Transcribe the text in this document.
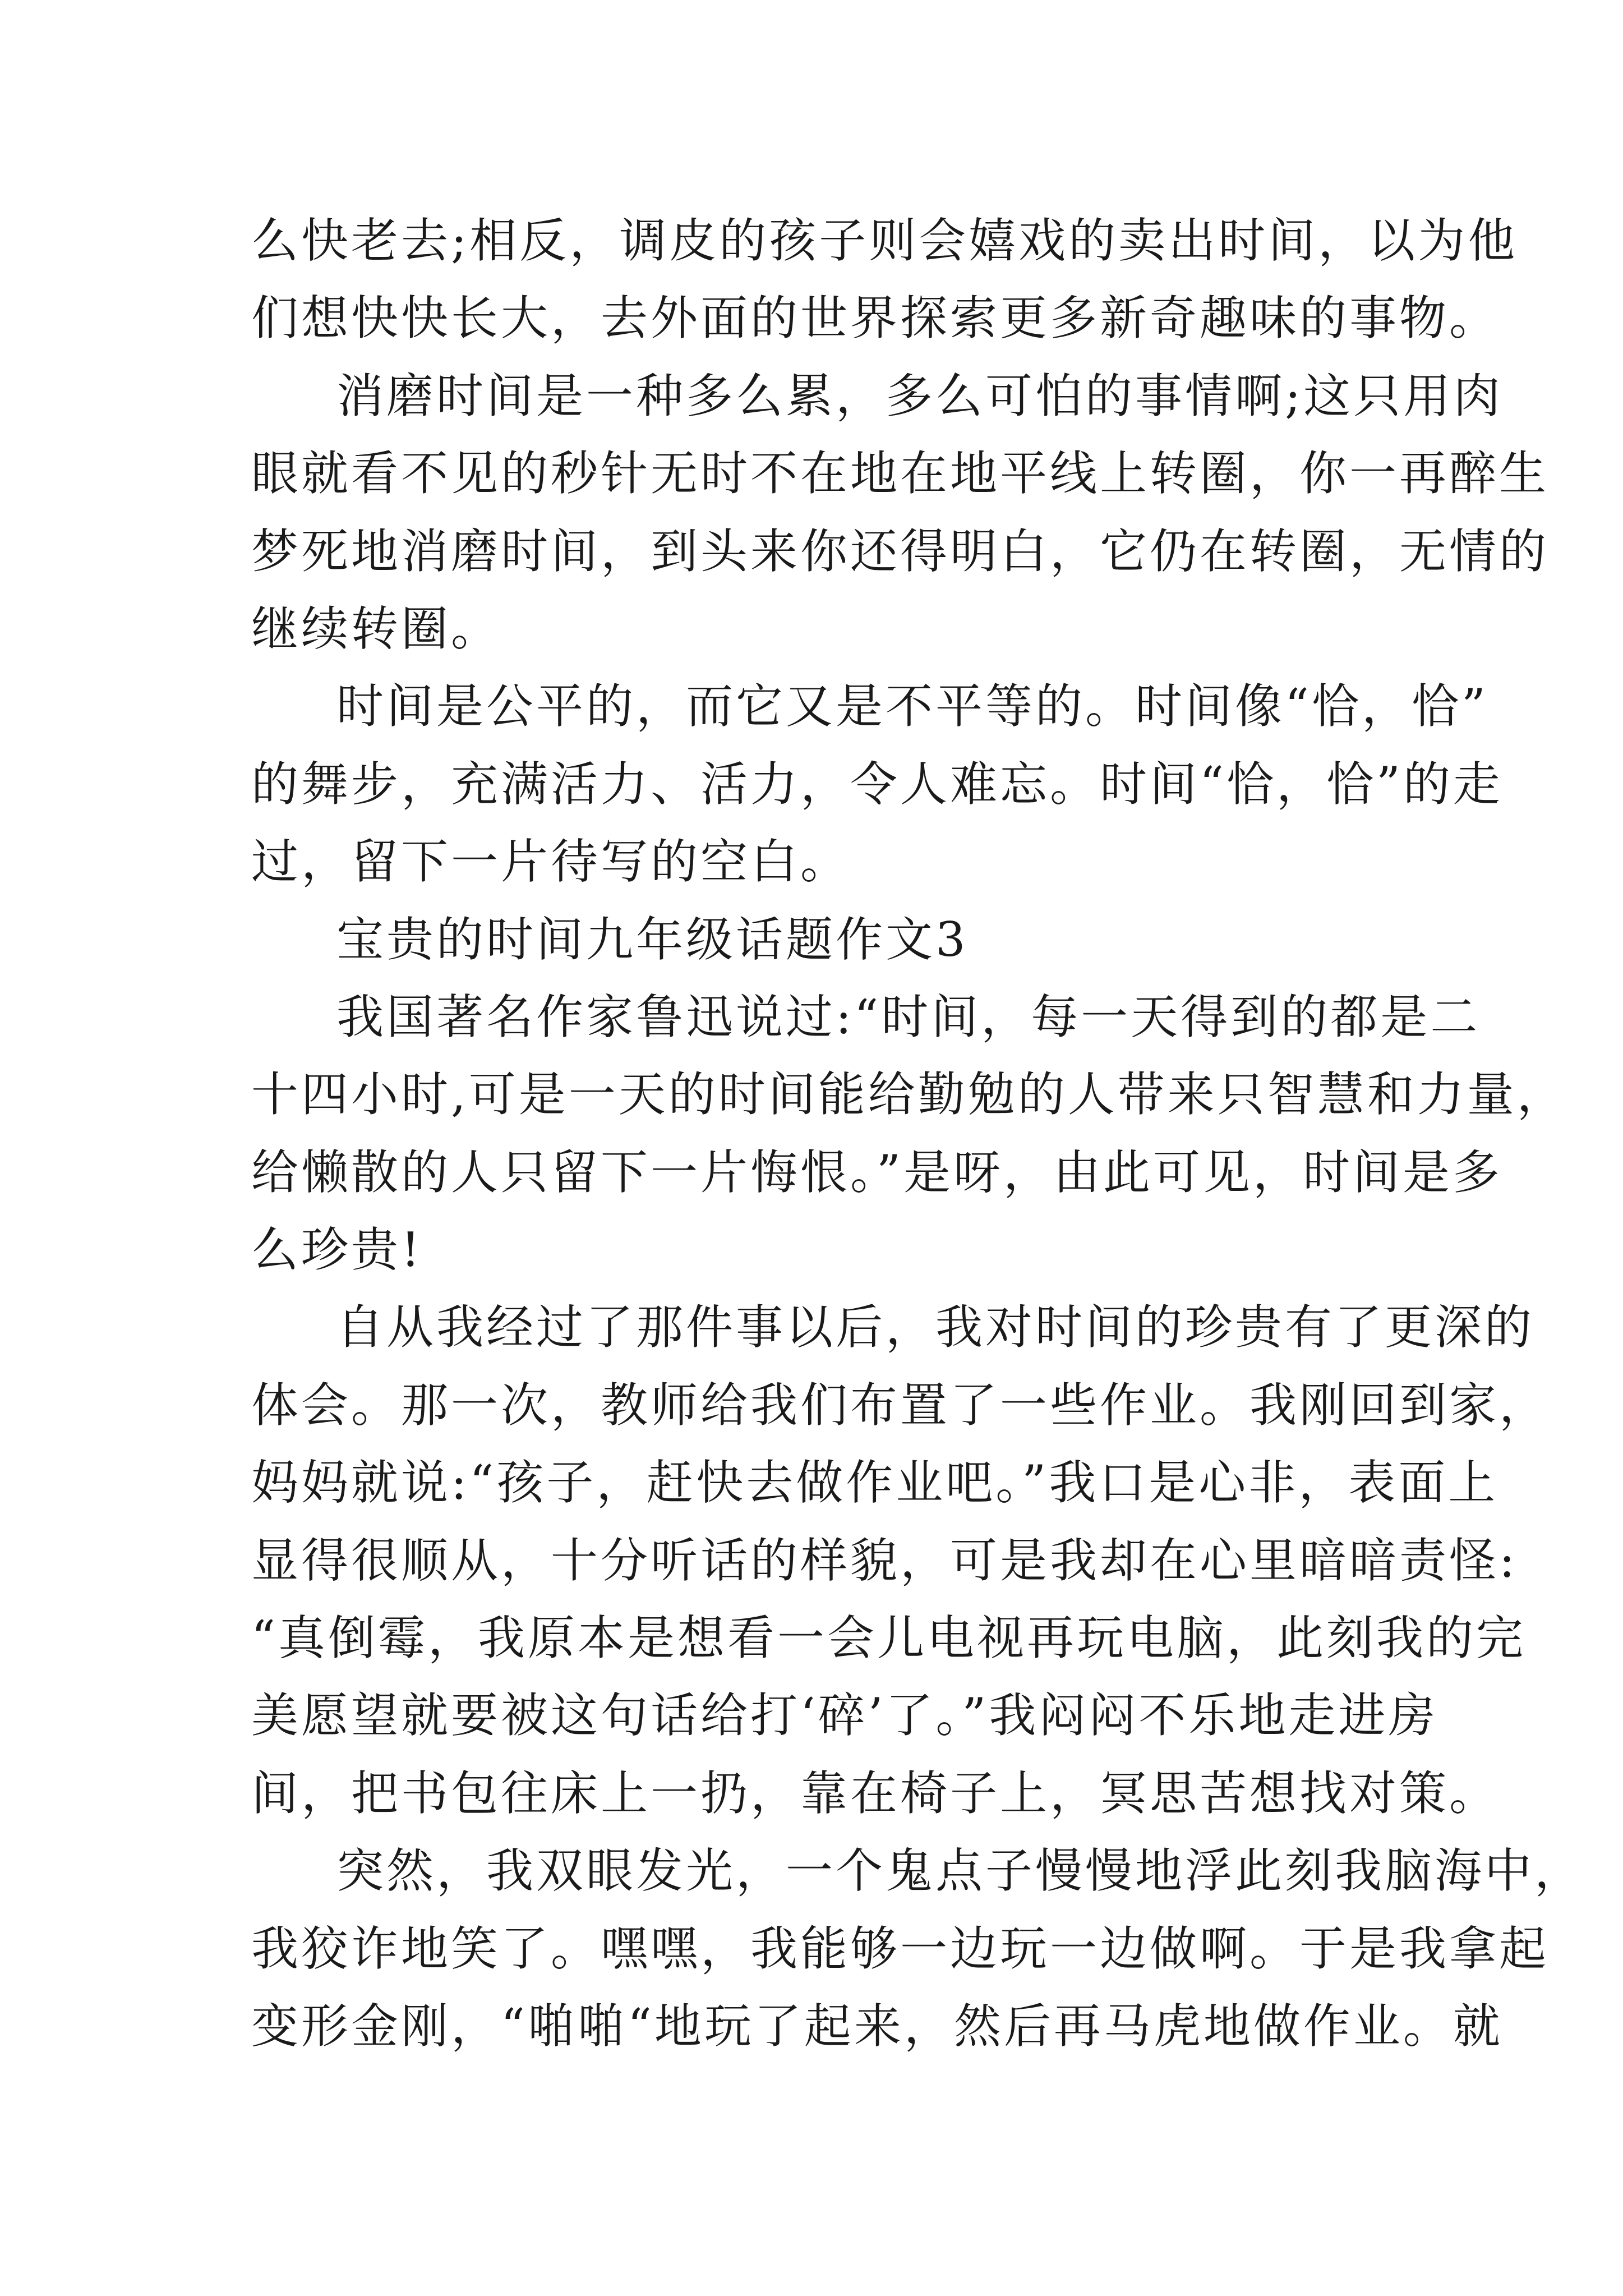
么快老去;相反，调皮的孩子则会嬉戏的卖出时间，以为他
们想快快长大，去外面的世界探索更多新奇趣味的事物。
消磨时间是一种多么累，多么可怕的事情啊;这只用肉
眼就看不见的秒针无时不在地在地平线上转圈，你一再醉生
梦死地消磨时间，到头来你还得明白，它仍在转圈，无情的
继续转圈。
时间是公平的，而它又是不平等的。时间像“恰，恰”
的舞步，充满活力、活力，令人难忘。时间“恰，恰”的走
过，留下一片待写的空白。
宝贵的时间九年级话题作文3
我国著名作家鲁迅说过:“时间，每一天得到的都是二
十四小时,可是一天的时间能给勤勉的人带来只智慧和力量，
给懒散的人只留下一片悔恨。”是呀，由此可见，时间是多
么珍贵!
自从我经过了那件事以后，我对时间的珍贵有了更深的
体会。那一次，教师给我们布置了一些作业。我刚回到家，
妈妈就说:“孩子，赶快去做作业吧。”我口是心非，表面上
显得很顺从，十分听话的样貌，可是我却在心里暗暗责怪:
“真倒霉，我原本是想看一会儿电视再玩电脑，此刻我的完
美愿望就要被这句话给打‘碎’了。”我闷闷不乐地走进房
间，把书包往床上一扔，靠在椅子上，冥思苦想找对策。
突然，我双眼发光，一个鬼点子慢慢地浮此刻我脑海中，
我狡诈地笑了。嘿嘿，我能够一边玩一边做啊。于是我拿起
变形金刚，“啪啪“地玩了起来，然后再马虎地做作业。就
